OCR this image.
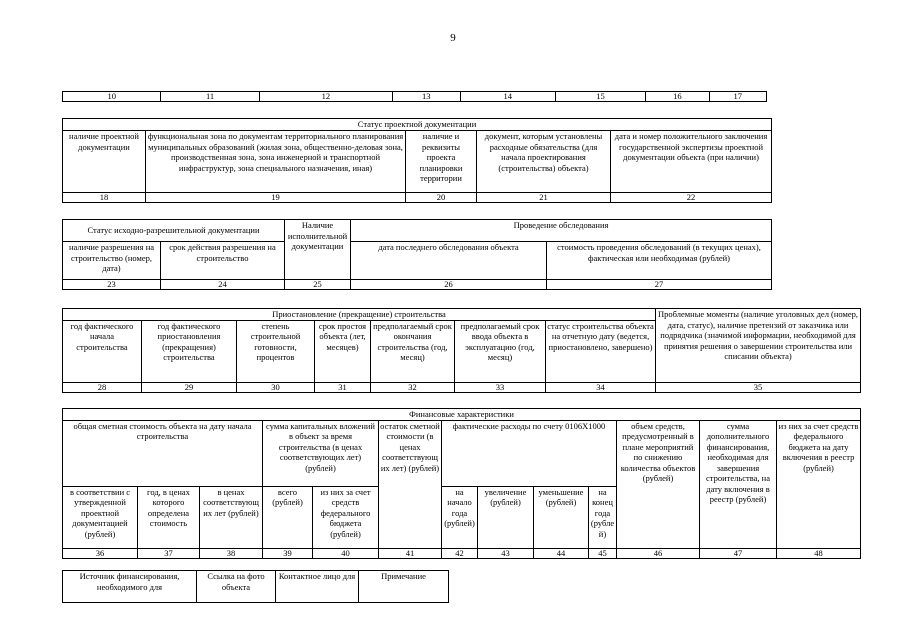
9
10	11	12	13	14	15	16	17
Статус проектной документации				
наличие проектной документации	функциональная зона по документам территориального планирования муниципальных образований (жилая зона, общественно-деловая зона, производственная зона, зона инженерной и транспортной инфраструктур, зона специального назначения, иная)	наличие и реквизиты проекта планировки территории	документ, которым установлены расходные обязательства (для начала проектирования (строительства) объекта)	дата и номер положительного заключения государственной экспертизы проектной документации объекта (при наличии)
18	19	20	21	22
Статус исходно-разрешительной документации		Наличие исполнительной документации	Проведение обследования	
наличие разрешения на строительство (номер, дата)	срок действия разрешения на строительство		дата последнего обследования объекта	стоимость проведения обследований (в текущих ценах), фактическая или необходимая (рублей)
23	24	25	26	27
Приостановление (прекращение) строительства							Проблемные моменты (наличие уголовных дел (номер, дата, статус), наличие претензий от заказчика или подрядчика (значимой информации, необходимой для принятия решения о завершении строительства или списании объекта)
год фактического начала строительства	год фактического приостановления (прекращения) строительства	степень строительной готовности, процентов	срок простоя объекта (лет, месяцев)	предполагаемый срок окончания строительства (год, месяц)	предполагаемый срок ввода объекта в эксплуатацию (год, месяц)	статус строительства объекта на отчетную дату (ведется, приостановлено, завершено)	
28	29	30	31	32	33	34	35
Финансовые характеристики												
общая сметная стоимость объекта на дату начала строительства			сумма капитальных вложений в объект за время строительства (в ценах соответствующих лет) (рублей)		остаток сметной стоимости (в ценах соответствующих лет) (рублей)	фактические расходы по счету 0106Х1000				объем средств, предусмотренный в плане мероприятий по снижению количества объектов (рублей)	сумма дополнительного финансирования, необходимая для завершения строительства, на дату включения в реестр (рублей)	из них за счет средств федерального бюджета на дату включения в реестр (рублей)
в соответствии с утвержденной проектной документацией (рублей)	год, в ценах которого определена стоимость	в ценах соответствующих лет (рублей)	всего (рублей)	из них за счет средств федерального бюджета (рублей)		на начало года (рублей)	увеличение (рублей)	уменьшение (рублей)	на конец года (рублей)			
36	37	38	39	40	41	42	43	44	45	46	47	48
Источник финансирования, необходимого для	Ссылка на фото объекта	Контактное лицо для	Примечание
